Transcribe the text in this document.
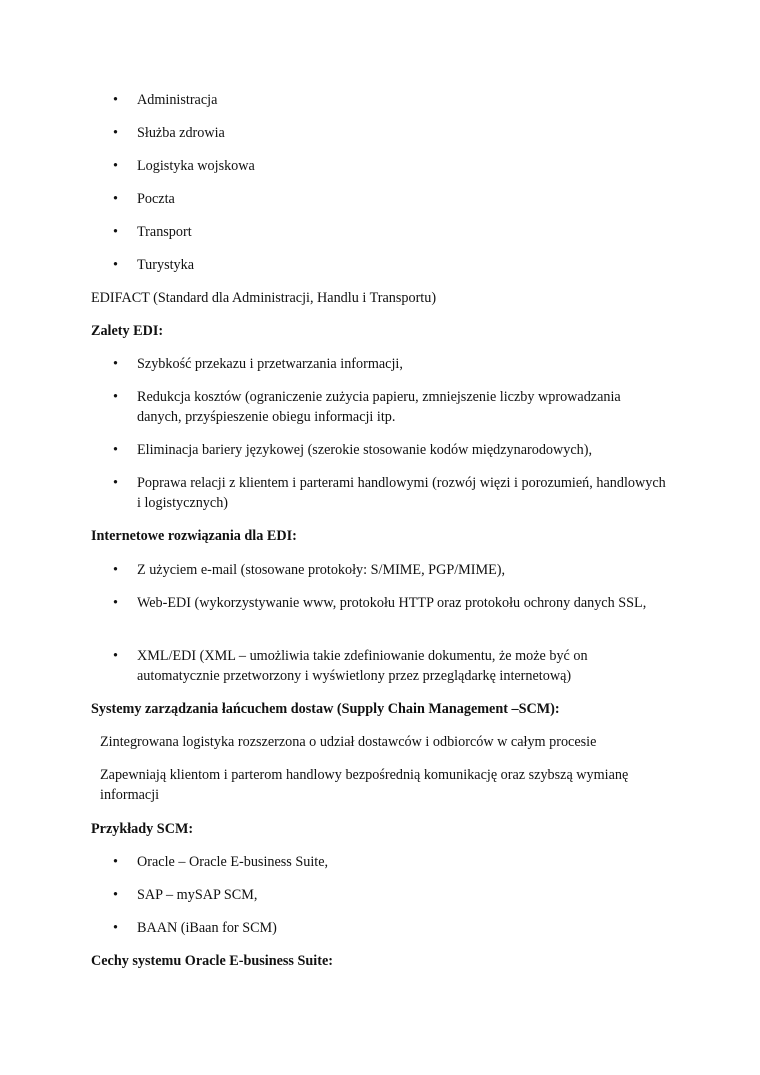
• Administracja
• Służba zdrowia
• Logistyka wojskowa
• Poczta
• Transport
• Turystyka

EDIFACT (Standard dla Administracji, Handlu i Transportu)

Zalety EDI:

• Szybkość przekazu i przetwarzania informacji,
• Redukcja kosztów (ograniczenie zużycia papieru, zmniejszenie liczby wprowadzania danych, przyśpieszenie obiegu informacji itp.
• Eliminacja bariery językowej (szerokie stosowanie kodów międzynarodowych),
• Poprawa relacji z klientem i parterami handlowymi (rozwój więzi i porozumień, handlowych i logistycznych)

Internetowe rozwiązania dla EDI:

• Z użyciem e-mail (stosowane protokoły: S/MIME, PGP/MIME),
• Web-EDI (wykorzystywanie www, protokołu HTTP oraz protokołu ochrony danych SSL,
• XML/EDI (XML – umożliwia takie zdefiniowanie dokumentu, że może być on automatycznie przetworzony i wyświetlony przez przeglądarkę internetową)

Systemy zarządzania łańcuchem dostaw (Supply Chain Management –SCM):

Zintegrowana logistyka rozszerzona o udział dostawców i odbiorców w całym procesie

Zapewniają klientom i parterom handlowy bezpośrednią komunikację oraz szybszą wymianę informacji

Przykłady SCM:

• Oracle – Oracle E-business Suite,
• SAP – mySAP SCM,
• BAAN (iBaan for SCM)

Cechy systemu Oracle E-business Suite:
